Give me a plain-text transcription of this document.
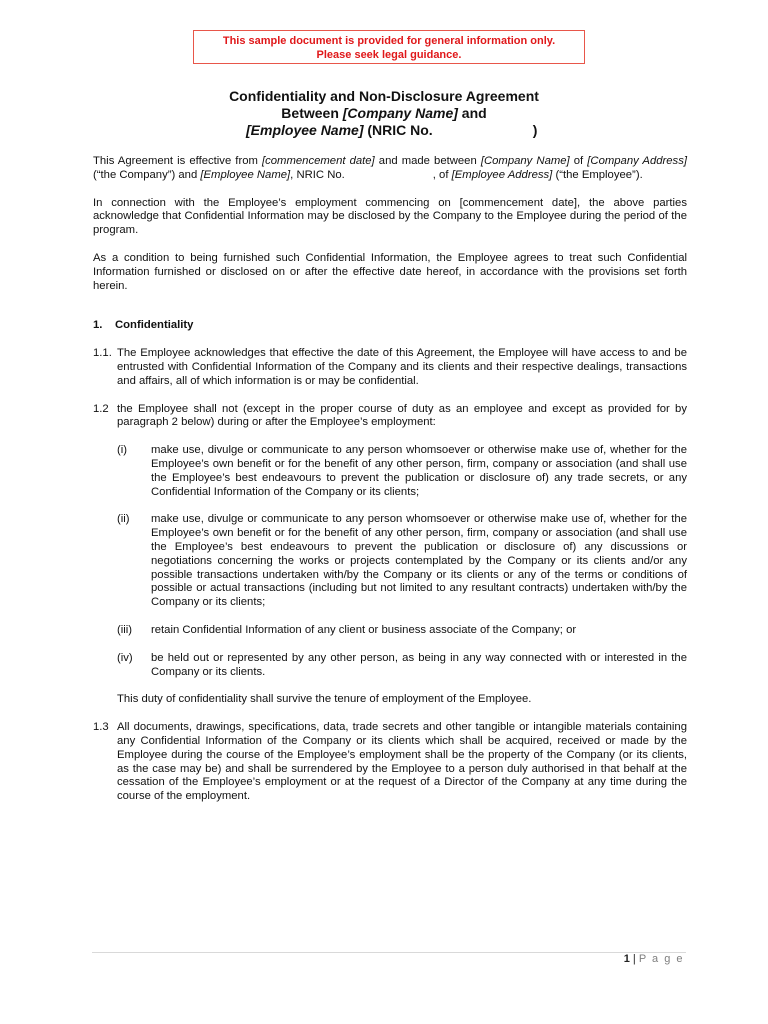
This sample document is provided for general information only.
Please seek legal guidance.
Confidentiality and Non-Disclosure Agreement
Between [Company Name] and
[Employee Name] (NRIC No.	)

This Agreement is effective from [commencement date] and made between [Company Name] of [Company Address] (“the Company”) and [Employee Name], NRIC No.	, of [Employee Address] (“the Employee”).

In connection with the Employee’s employment commencing on [commencement date], the above parties acknowledge that Confidential Information may be disclosed by the Company to the Employee during the period of the program.

As a condition to being furnished such Confidential Information, the Employee agrees to treat such Confidential Information furnished or disclosed on or after the effective date hereof, in accordance with the provisions set forth herein.

1.	Confidentiality
1.1. The Employee acknowledges that effective the date of this Agreement, the Employee will have access to and be entrusted with Confidential Information of the Company and its clients and their respective dealings, transactions and affairs, all of which information is or may be confidential.
1.2 the Employee shall not (except in the proper course of duty as an employee and except as provided for by paragraph 2 below) during or after the Employee’s employment:
(i)	make use, divulge or communicate to any person whomsoever or otherwise make use of, whether for the Employee’s own benefit or for the benefit of any other person, firm, company or association (and shall use the Employee’s best endeavours to prevent the publication or disclosure of) any trade secrets, or any Confidential Information of the Company or its clients;
(ii)	make use, divulge or communicate to any person whomsoever or otherwise make use of, whether for the Employee’s own benefit or for the benefit of any other person, firm, company or association (and shall use the Employee’s best endeavours to prevent the publication or disclosure of) any discussions or negotiations concerning the works or projects contemplated by the Company or its clients and/or any possible transactions undertaken with/by the Company or its clients or any of the terms or conditions of possible or actual transactions (including but not limited to any resultant contracts) undertaken with/by the Company or its clients;
(iii)	retain Confidential Information of any client or business associate of the Company; or
(iv)	be held out or represented by any other person, as being in any way connected with or interested in the Company or its clients.

This duty of confidentiality shall survive the tenure of employment of the Employee.

1.3 All documents, drawings, specifications, data, trade secrets and other tangible or intangible materials containing any Confidential Information of the Company or its clients which shall be acquired, received or made by the Employee during the course of the Employee’s employment shall be the property of the Company (or its clients, as the case may be) and shall be surrendered by the Employee to a person duly authorised in that behalf at the cessation of the Employee’s employment or at the request of a Director of the Company at any time during the course of the employment.
1 | P a g e
